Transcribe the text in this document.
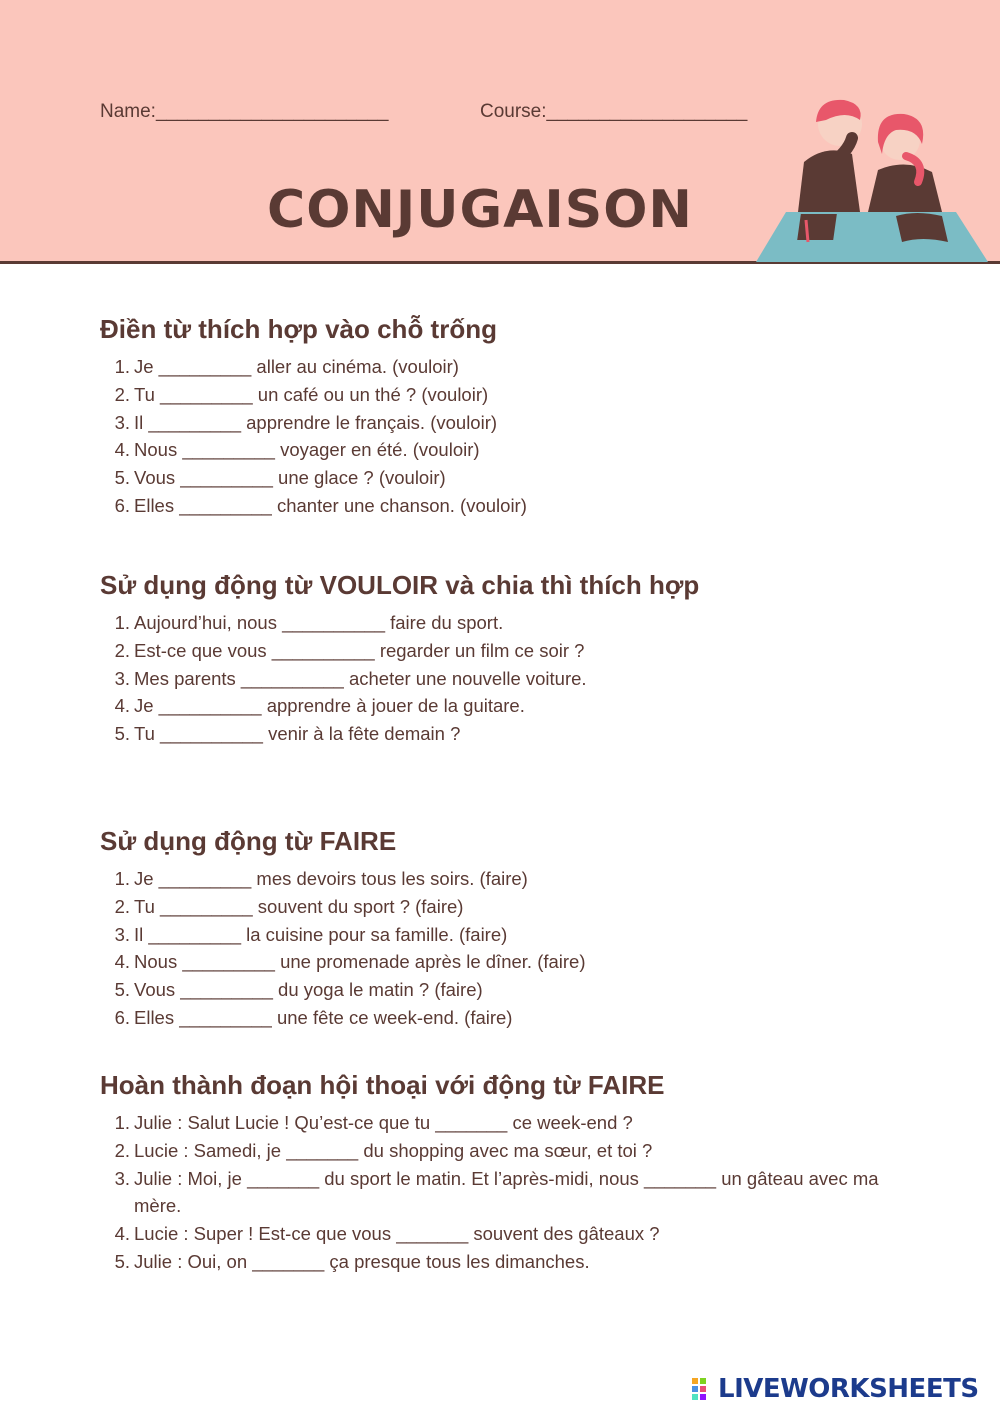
Name:______________________	Course:___________________
CONJUGAISON
Điền từ thích hợp vào chỗ trống
1. Je _________ aller au cinéma. (vouloir)
2. Tu _________ un café ou un thé ? (vouloir)
3. Il _________ apprendre le français. (vouloir)
4. Nous _________ voyager en été. (vouloir)
5. Vous _________ une glace ? (vouloir)
6. Elles _________ chanter une chanson. (vouloir)
Sử dụng động từ VOULOIR và chia thì thích hợp
1. Aujourd’hui, nous __________ faire du sport.
2. Est-ce que vous __________ regarder un film ce soir ?
3. Mes parents __________ acheter une nouvelle voiture.
4. Je __________ apprendre à jouer de la guitare.
5. Tu __________ venir à la fête demain ?
Sử dụng động từ FAIRE
1. Je _________ mes devoirs tous les soirs. (faire)
2. Tu _________ souvent du sport ? (faire)
3. Il _________ la cuisine pour sa famille. (faire)
4. Nous _________ une promenade après le dîner. (faire)
5. Vous _________ du yoga le matin ? (faire)
6. Elles _________ une fête ce week-end. (faire)
Hoàn thành đoạn hội thoại với động từ FAIRE
1. Julie : Salut Lucie ! Qu’est-ce que tu _______ ce week-end ?
2. Lucie : Samedi, je _______ du shopping avec ma sœur, et toi ?
3. Julie : Moi, je _______ du sport le matin. Et l’après-midi, nous _______ un gâteau avec ma mère.
4. Lucie : Super ! Est-ce que vous _______ souvent des gâteaux ?
5. Julie : Oui, on _______ ça presque tous les dimanches.
LIVEWORKSHEETS
